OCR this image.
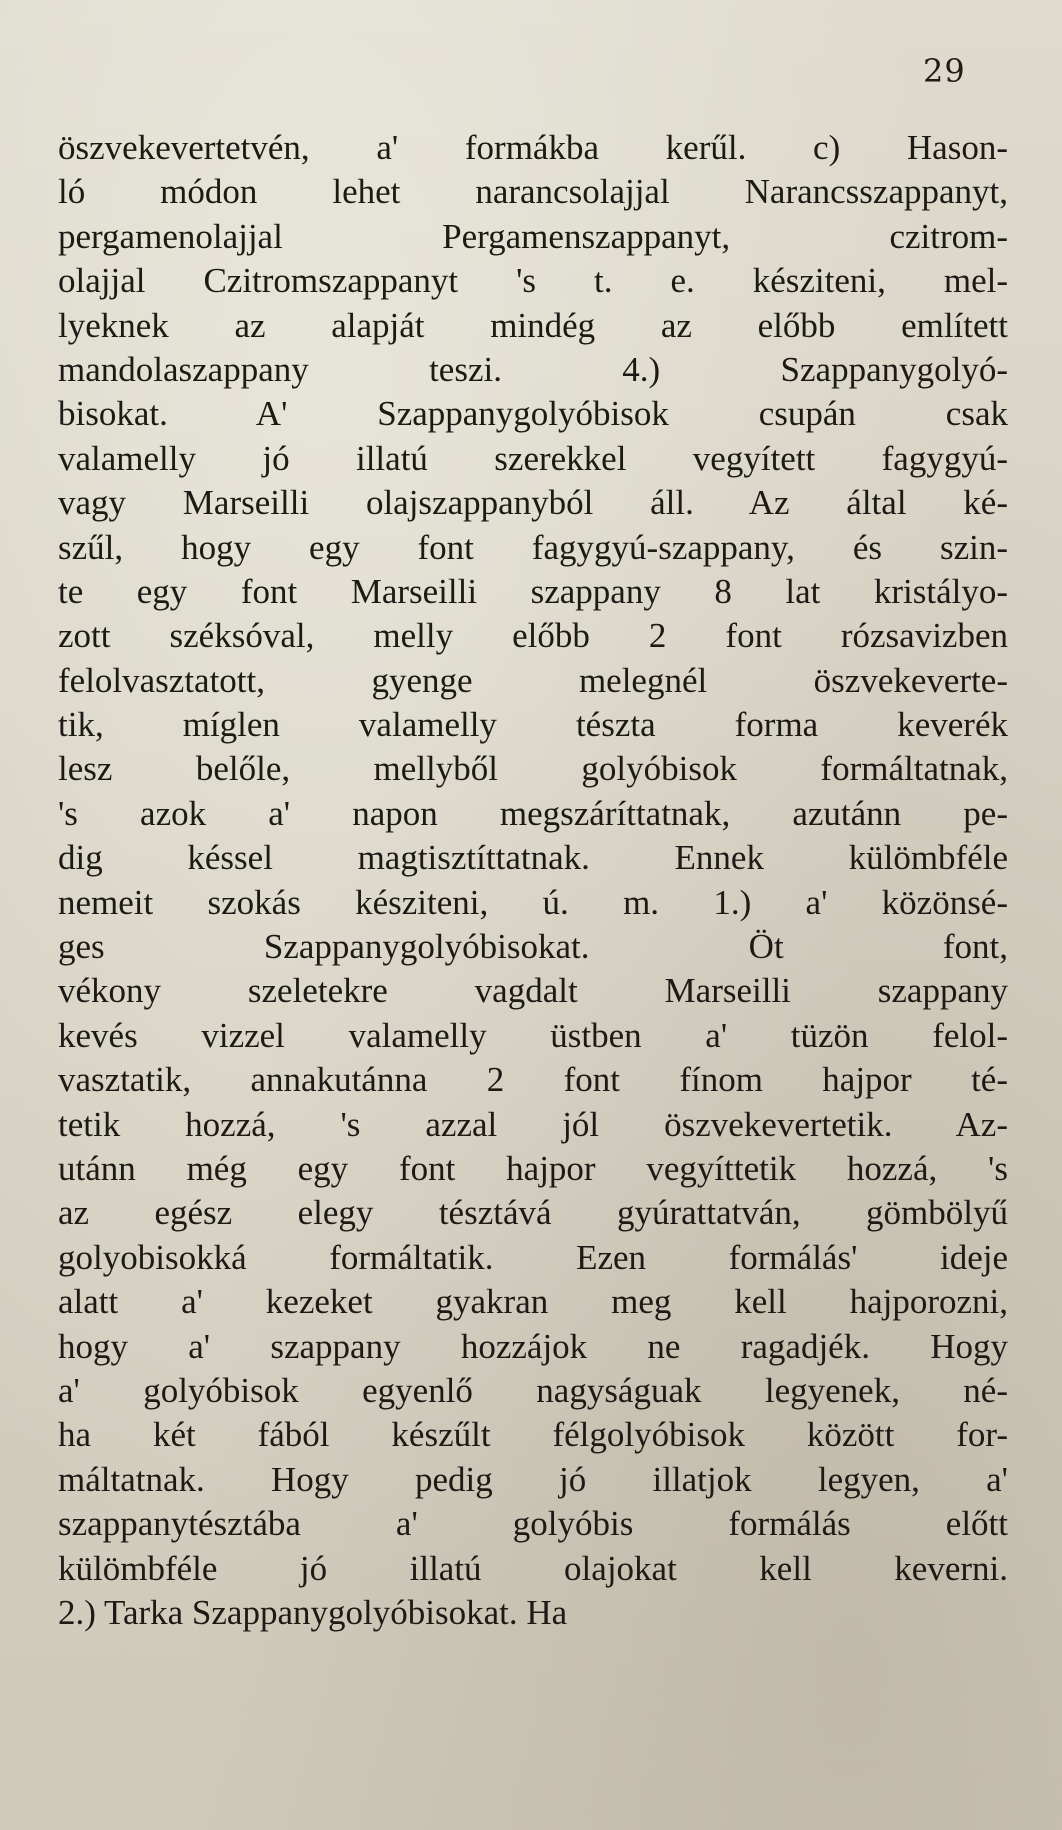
29
öszvekevertetvén, a' formákba kerűl. c) Hason-
ló módon lehet narancsolajjal Narancsszappanyt,
pergamenolajjal Pergamenszappanyt, czitrom-
olajjal Czitromszappanyt 's t. e. késziteni, mel-
lyeknek az alapját mindég az előbb említett
mandolaszappany teszi. 4.) Szappanygolyó-
bisokat. A' Szappanygolyóbisok csupán csak
valamelly jó illatú szerekkel vegyített fagygyú-
vagy Marseilli olajszappanyból áll. Az által ké-
szűl, hogy egy font fagygyú-szappany, és szin-
te egy font Marseilli szappany 8 lat kristályo-
zott széksóval, melly előbb 2 font rózsavizben
felolvasztatott, gyenge melegnél öszvekeverte-
tik, míglen valamelly tészta forma keverék
lesz belőle, mellyből golyóbisok formáltatnak,
's azok a' napon megszáríttatnak, azutánn pe-
dig késsel magtisztíttatnak. Ennek külömbféle
nemeit szokás késziteni, ú. m. 1.) a' közönsé-
ges Szappanygolyóbisokat. Öt font,
vékony szeletekre vagdalt Marseilli szappany
kevés vizzel valamelly üstben a' tüzön felol-
vasztatik, annakutánna 2 font fínom hajpor té-
tetik hozzá, 's azzal jól öszvekevertetik. Az-
utánn még egy font hajpor vegyíttetik hozzá, 's
az egész elegy tésztává gyúrattatván, gömbölyű
golyobisokká formáltatik. Ezen formálás' ideje
alatt a' kezeket gyakran meg kell hajporozni,
hogy a' szappany hozzájok ne ragadjék. Hogy
a' golyóbisok egyenlő nagyságuak legyenek, né-
ha két fából készűlt félgolyóbisok között for-
máltatnak. Hogy pedig jó illatjok legyen, a'
szappanytésztába a' golyóbis formálás előtt
külömbféle jó illatú olajokat kell keverni.
2.) Tarka Szappanygolyóbisokat. Ha
